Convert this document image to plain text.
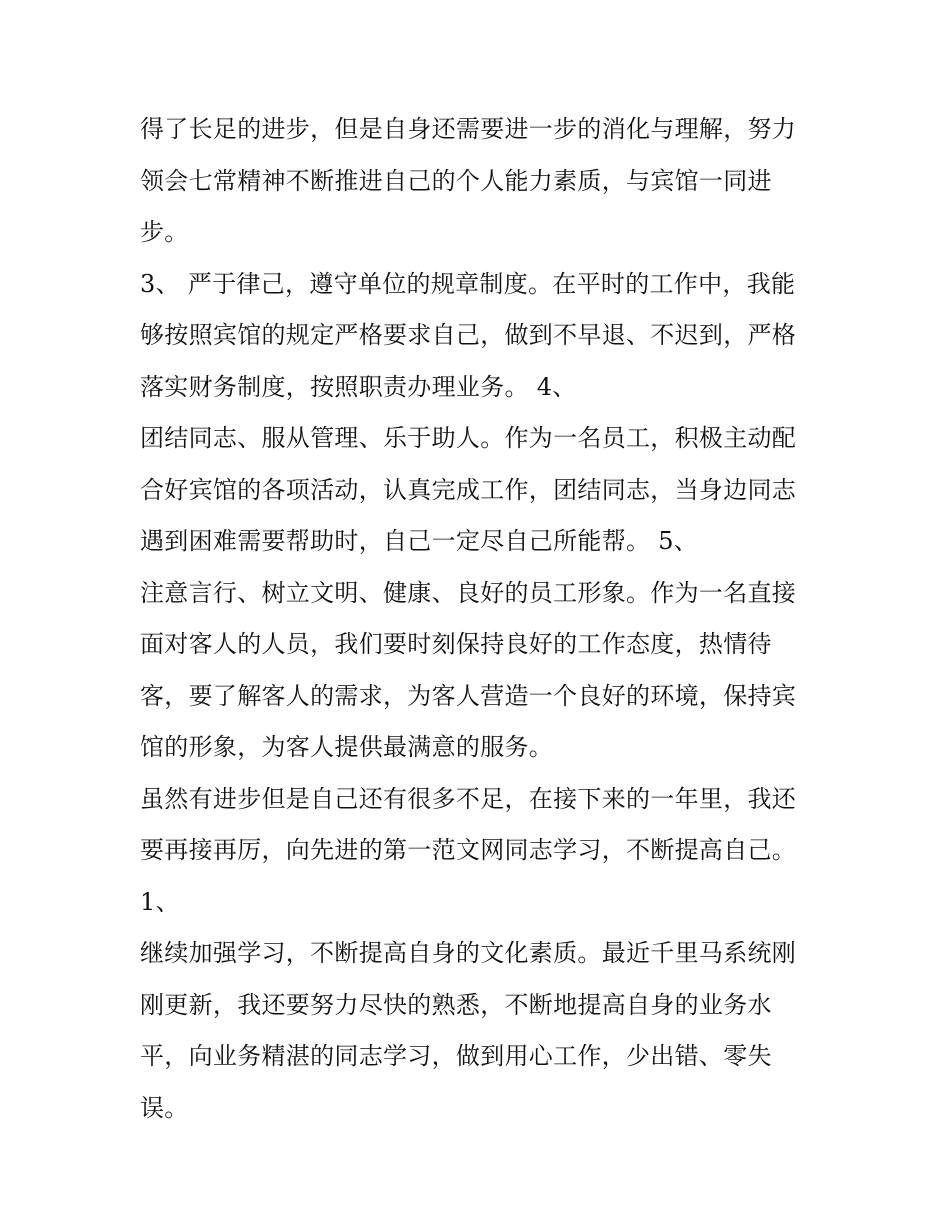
得了长足的进步，但是自身还需要进一步的消化与理解，努力
领会七常精神不断推进自己的个人能力素质，与宾馆一同进
步。
3、 严于律己，遵守单位的规章制度。在平时的工作中，我能
够按照宾馆的规定严格要求自己，做到不早退、不迟到，严格
落实财务制度，按照职责办理业务。 4、
团结同志、服从管理、乐于助人。作为一名员工，积极主动配
合好宾馆的各项活动，认真完成工作，团结同志，当身边同志
遇到困难需要帮助时，自己一定尽自己所能帮。 5、
注意言行、树立文明、健康、良好的员工形象。作为一名直接
面对客人的人员，我们要时刻保持良好的工作态度，热情待
客，要了解客人的需求，为客人营造一个良好的环境，保持宾
馆的形象，为客人提供最满意的服务。
虽然有进步但是自己还有很多不足，在接下来的一年里，我还
要再接再厉，向先进的第一范文网同志学习，不断提高自己。
1、
继续加强学习，不断提高自身的文化素质。最近千里马系统刚
刚更新，我还要努力尽快的熟悉，不断地提高自身的业务水
平，向业务精湛的同志学习，做到用心工作，少出错、零失
误。
